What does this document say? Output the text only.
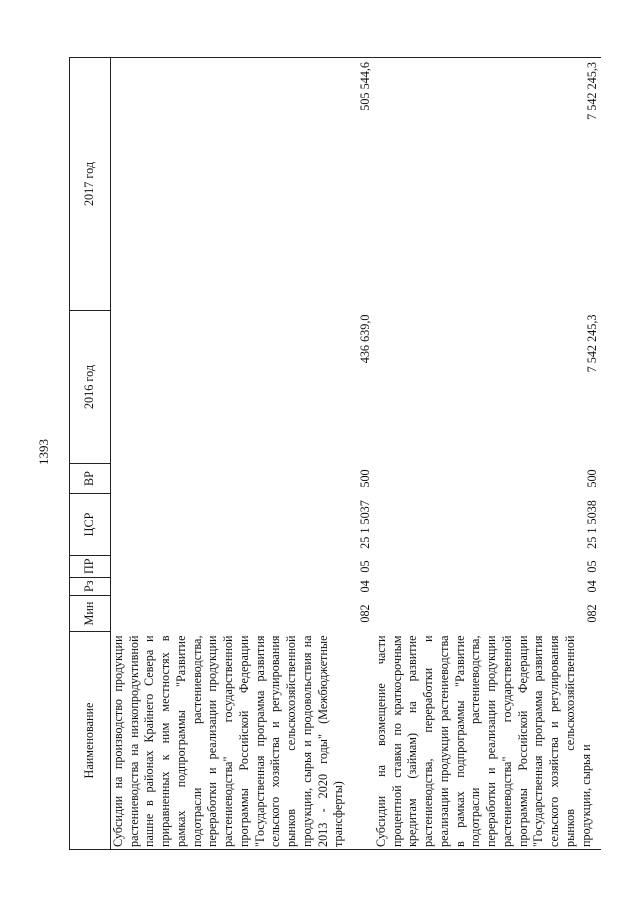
1393
Наименование	Мин	Рз	ПР	ЦСР	ВР	2016 год	2017 год
Субсидии на производство продукции растениеводства на низкопродуктивной пашне в районах Крайнего Севера и приравненных к ним местностях в рамках подпрограммы "Развитие подотрасли растениеводства, переработки и реализации продукции растениеводства" государственной программы Российской Федерации "Государственная программа развития сельского хозяйства и регулирования рынков сельскохозяйственной продукции, сырья и продовольствия на 2013 - 2020 годы" (Межбюджетные трансферты)	082	04	05	25 1 5037	500	436 639,0	505 544,6
Субсидии на возмещение части процентной ставки по краткосрочным кредитам (займам) на развитие растениеводства, переработки и реализации продукции растениеводства в рамках подпрограммы "Развитие подотрасли растениеводства, переработки и реализации продукции растениеводства" государственной программы Российской Федерации "Государственная программа развития сельского хозяйства и регулирования рынков сельскохозяйственной продукции, сырья и	082	04	05	25 1 5038	500	7 542 245,3	7 542 245,3
